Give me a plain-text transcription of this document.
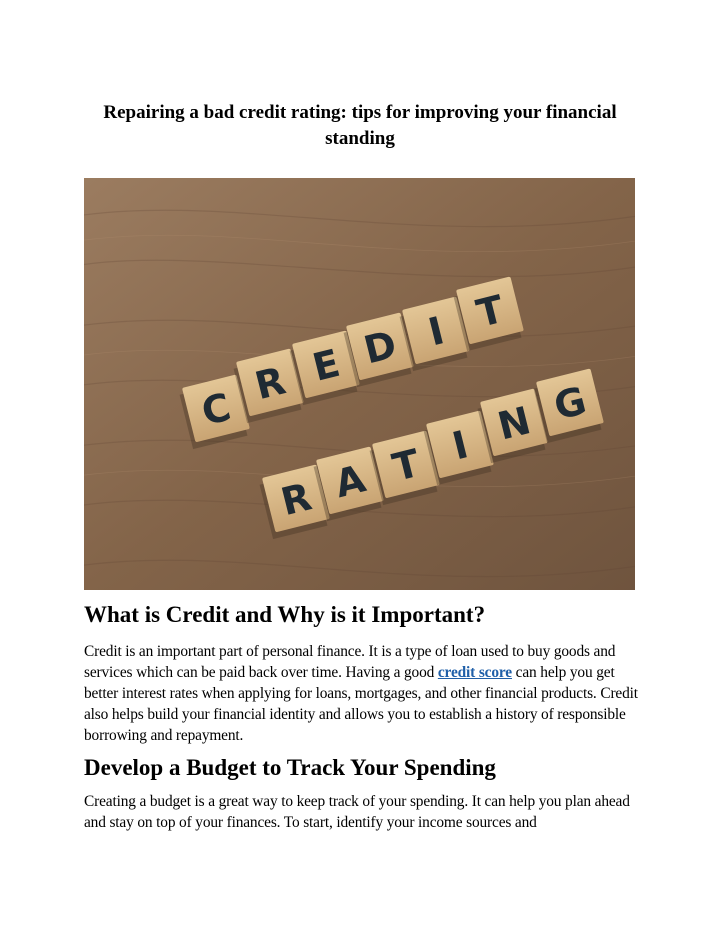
Repairing a bad credit rating: tips for improving your financial standing
C
R E D I T
R A T I N G
What is Credit and Why is it Important?

Credit is an important part of personal finance. It is a type of loan used to buy goods and services which can be paid back over time. Having a good credit score can help you get better interest rates when applying for loans, mortgages, and other financial products. Credit also helps build your financial identity and allows you to establish a history of responsible borrowing and repayment.

Develop a Budget to Track Your Spending

Creating a budget is a great way to keep track of your spending. It can help you plan ahead and stay on top of your finances. To start, identify your income sources and
